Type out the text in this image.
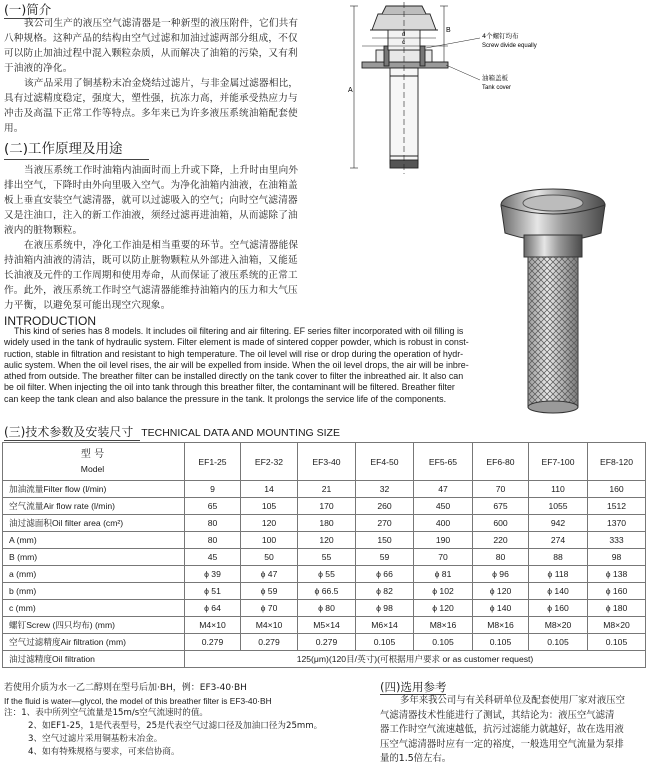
(一)简介
我公司生产的液压空气滤清器是一种新型的液压附件，它们共有
八种规格。这种产品的结构由空气过滤和加油过滤两部分组成，不仅
可以防止加油过程中混入颗粒杂质，从而解决了油箱的污染，又有利
于油液的净化。
该产品采用了铜基粉末冶金烧结过滤片，与非金属过滤器相比，
具有过滤精度稳定，强度大，塑性强，抗冻力高，并能承受热应力与
冲击及高温下正常工作等特点。多年来已为许多液压系统油箱配套使
用。
(二)工作原理及用途
当液压系统工作时油箱内油面时而上升或下降，上升时由里向外
排出空气，下降时由外向里吸入空气。为净化油箱内油液，在油箱盖
板上垂直安装空气滤清器，就可以过滤吸入的空气；向时空气滤清器
又是注油口，注入的新工作油液，须经过滤再进油箱，从而滤除了油
液内的脏物颗粒。
在液压系统中，净化工作油是相当重要的环节。空气滤清器能保
持油箱内油液的清洁，既可以防止脏物颗粒从外部进入油箱，又能延
长油液及元件的工作周期和使用寿命，从而保证了液压系统的正常工
作。此外，液压系统工作时空气滤清器能维持油箱内的压力和大气压
力平衡，以避免泵可能出现空穴现象。
A
B
d
c
4个螺钉均布
Screw divide equally
油箱盖板
Tank cover
INTRODUCTION
This kind of series has 8 models. It includes oil filtering and air filtering. EF series filter incorporated with oil filling is
widely used in the tank of hydraulic system. Filter element is made of sintered copper powder, which is robust in const-
ruction, stable in filtration and resistant to high temperature. The oil level will rise or drop during the operation of hydr-
aulic system. When the oil level rises, the air will be expelled from inside. When the oil level drops, the air will be inbre-
athed from outside. The breather filter can be installed directly on the tank cover to filter the inbreathed air. It also can
be oil filter. When injecting the oil into tank through this breather filter, the contaminant will be filtered. Breather filter
can keep the tank clean and also balance the pressure in the tank. It prolongs the service life of the components.
(三)技术参数及安装尺寸 TECHNICAL DATA AND MOUNTING SIZE
型 号
Model	EF1-25	EF2-32	EF3-40	EF4-50	EF5-65	EF6-80	EF7-100	EF8-120
加油流量Filter flow (l/min)	9	14	21	32	47	70	110	160
空气流量Air flow rate (l/min)	65	105	170	260	450	675	1055	1512
油过滤面积Oil filter area (cm²)	80	120	180	270	400	600	942	1370
A (mm)	80	100	120	150	190	220	274	333
B (mm)	45	50	55	59	70	80	88	98
a (mm)	ϕ 39	ϕ 47	ϕ 55	ϕ 66	ϕ 81	ϕ 96	ϕ 118	ϕ 138
b (mm)	ϕ 51	ϕ 59	ϕ 66.5	ϕ 82	ϕ 102	ϕ 120	ϕ 140	ϕ 160
c (mm)	ϕ 64	ϕ 70	ϕ 80	ϕ 98	ϕ 120	ϕ 140	ϕ 160	ϕ 180
螺钉Screw (四只均布) (mm)	M4×10	M4×10	M5×14	M6×14	M8×16	M8×16	M8×20	M8×20
空气过滤精度Air filtration (mm)	0.279	0.279	0.279	0.105	0.105	0.105	0.105	0.105
油过滤精度Oil filtration	125(μm)(120目/英寸)(可根据用户要求 or as customer request)							
若使用介质为水一乙二醇则在型号后加·BH，例：EF3-40·BH
If the fluid is water—glycol, the model of this breather filter is EF3-40·BH
注：1、表中所列空气流量是15m/s空气流速时的值。
2、如EF1-25，1是代表型号，25是代表空气过滤口径及加油口径为25mm。
3、空气过滤片采用铜基粉末冶金。
4、如有特殊规格与要求，可来信协商。
(四)选用参考
多年来我公司与有关科研单位及配套使用厂家对液压空
气滤清器技术性能进行了测试，其结论为：液压空气滤清
器工作时空气流速越低，抗污过滤能力就越好，故在选用液
压空气滤清器时应有一定的裕度，一般选用空气流量为泵排
量的1.5倍左右。
